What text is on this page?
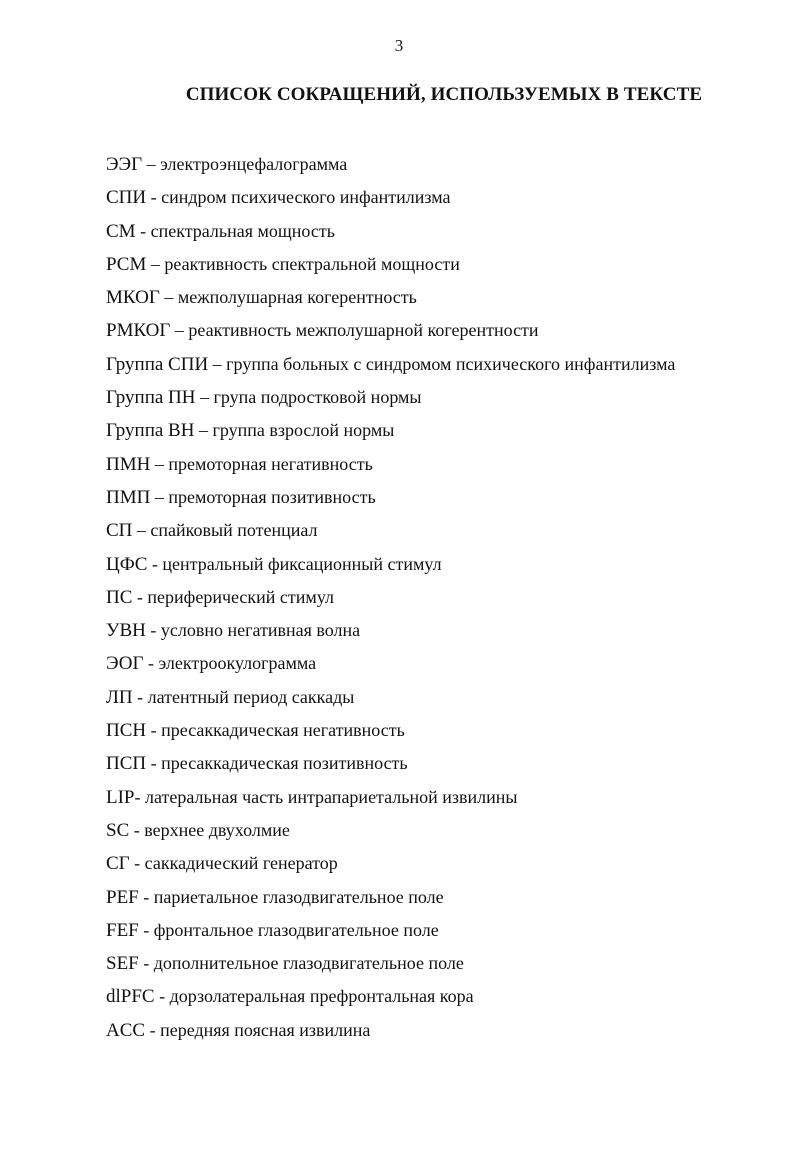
3
СПИСОК СОКРАЩЕНИЙ, ИСПОЛЬЗУЕМЫХ В ТЕКСТЕ
ЭЭГ – электроэнцефалограмма
СПИ - синдром психического инфантилизма
СМ - спектральная мощность
РСМ – реактивность спектральной мощности
МКОГ – межполушарная когерентность
РМКОГ – реактивность межполушарной когерентности
Группа СПИ – группа больных с синдромом психического инфантилизма
Группа ПН – групa подростковой нормы
Группа ВН – группа взрослой нормы
ПМН – премоторная негативность
ПМП – премоторная позитивность
СП – спайковый потенциал
ЦФС - центральный фиксационный стимул
ПС - периферический стимул
УВН - условно негативная волна
ЭОГ - электроокулограмма
ЛП - латентный период саккады
ПСН - пресаккадическая негативность
ПСП - пресаккадическая позитивность
LIP- латеральная часть интрапариетальной извилины
SC - верхнее двухолмие
СГ - саккадический генератор
PEF - париетальное глазодвигательное поле
FEF - фронтальное глазодвигательное поле
SEF - дополнительное глазодвигательное поле
dlPFC - дорзолатеральная префронтальная кора
ACC - передняя поясная извилина
